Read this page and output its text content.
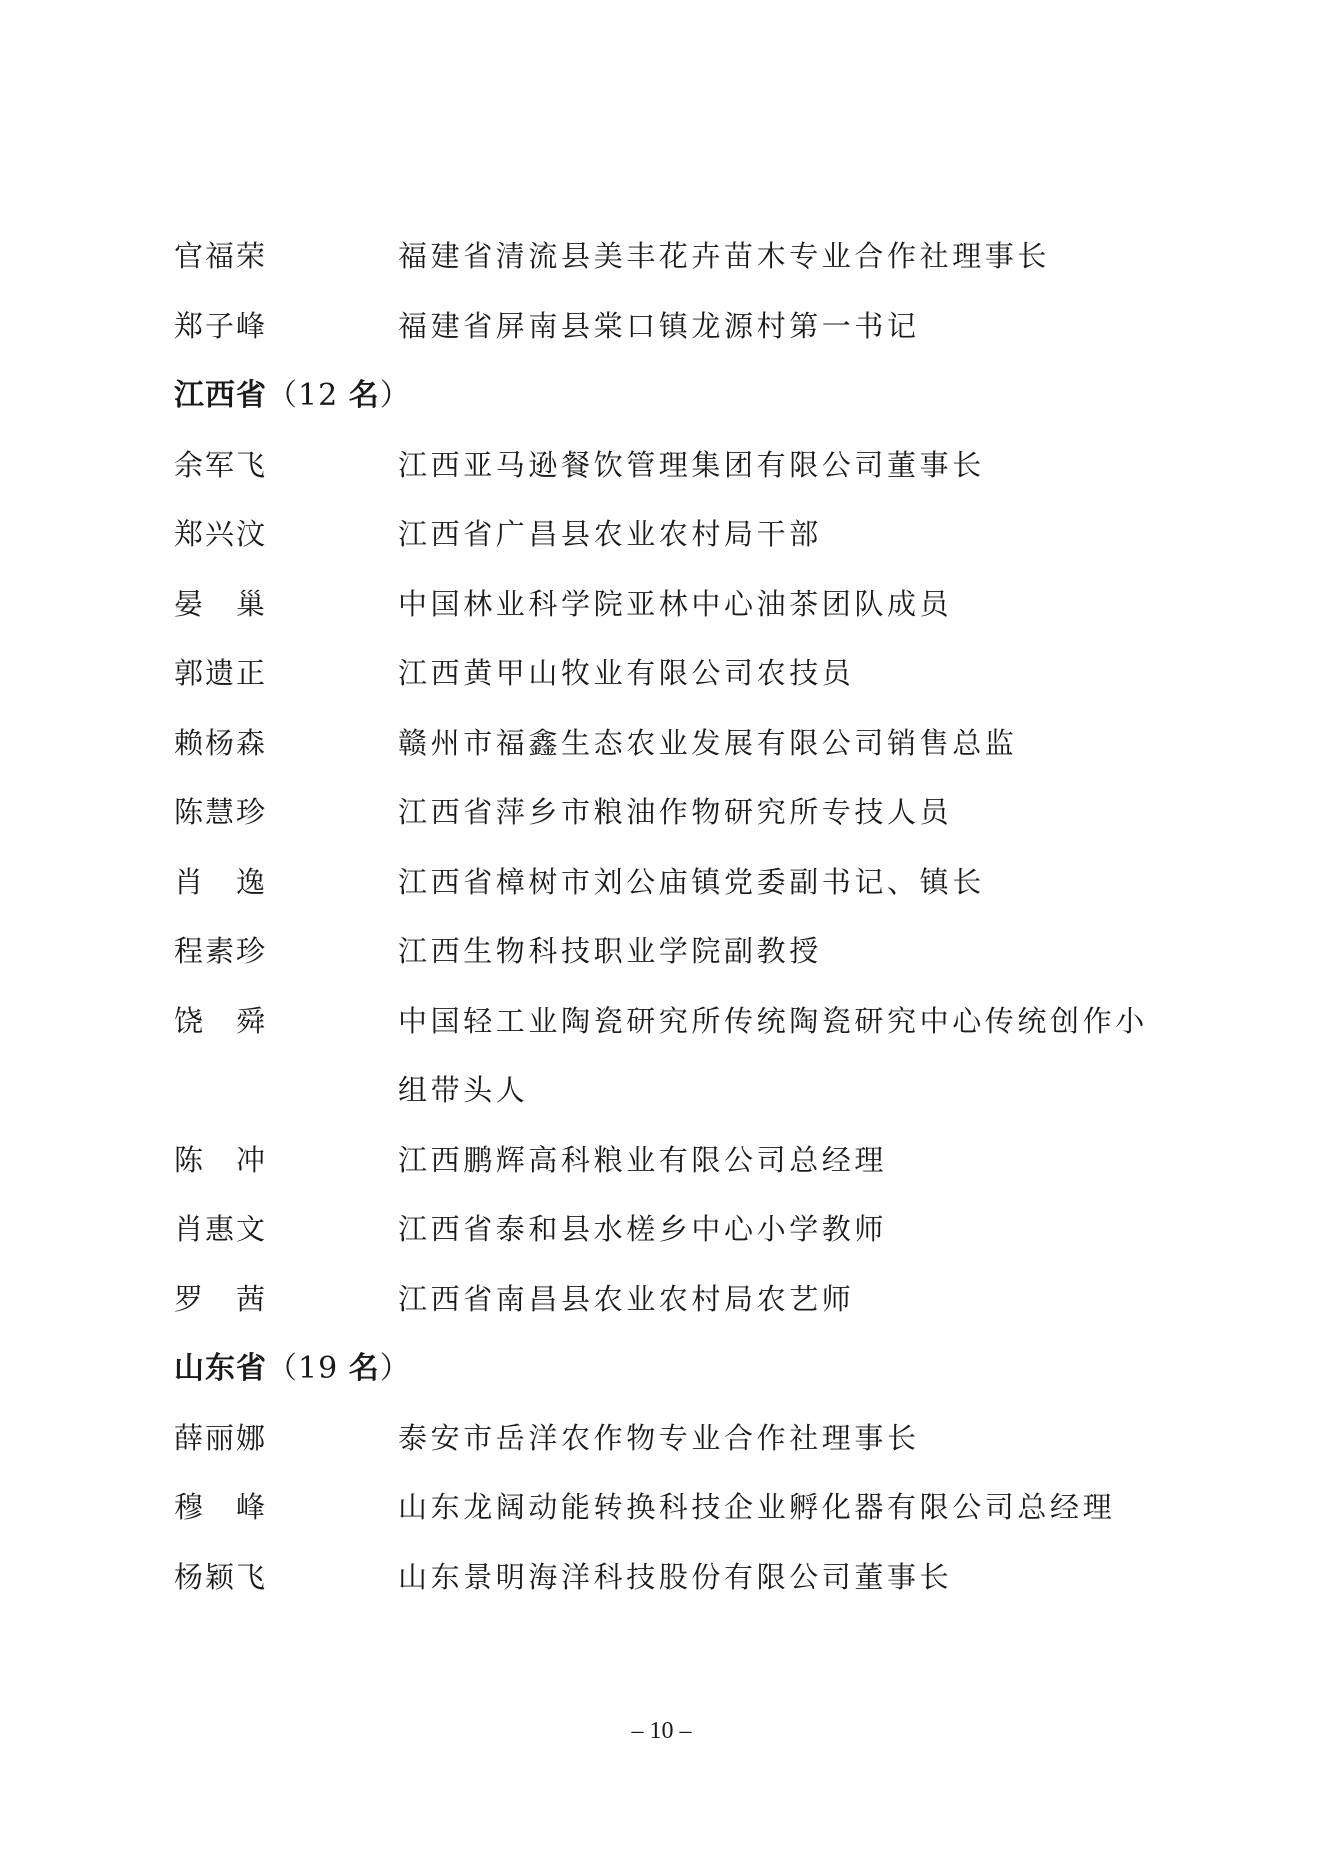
官福荣	福建省清流县美丰花卉苗木专业合作社理事长
郑子峰	福建省屏南县棠口镇龙源村第一书记
江西省（12 名）
余军飞	江西亚马逊餐饮管理集团有限公司董事长
郑兴汶	江西省广昌县农业农村局干部
晏　巢	中国林业科学院亚林中心油茶团队成员
郭遗正	江西黄甲山牧业有限公司农技员
赖杨森	赣州市福鑫生态农业发展有限公司销售总监
陈慧珍	江西省萍乡市粮油作物研究所专技人员
肖　逸	江西省樟树市刘公庙镇党委副书记、镇长
程素珍	江西生物科技职业学院副教授
饶　舜	中国轻工业陶瓷研究所传统陶瓷研究中心传统创作小组带头人
陈　冲	江西鹏辉高科粮业有限公司总经理
肖惠文	江西省泰和县水槎乡中心小学教师
罗　茜	江西省南昌县农业农村局农艺师
山东省（19 名）
薛丽娜	泰安市岳洋农作物专业合作社理事长
穆　峰	山东龙阔动能转换科技企业孵化器有限公司总经理
杨颖飞	山东景明海洋科技股份有限公司董事长
– 10 –
